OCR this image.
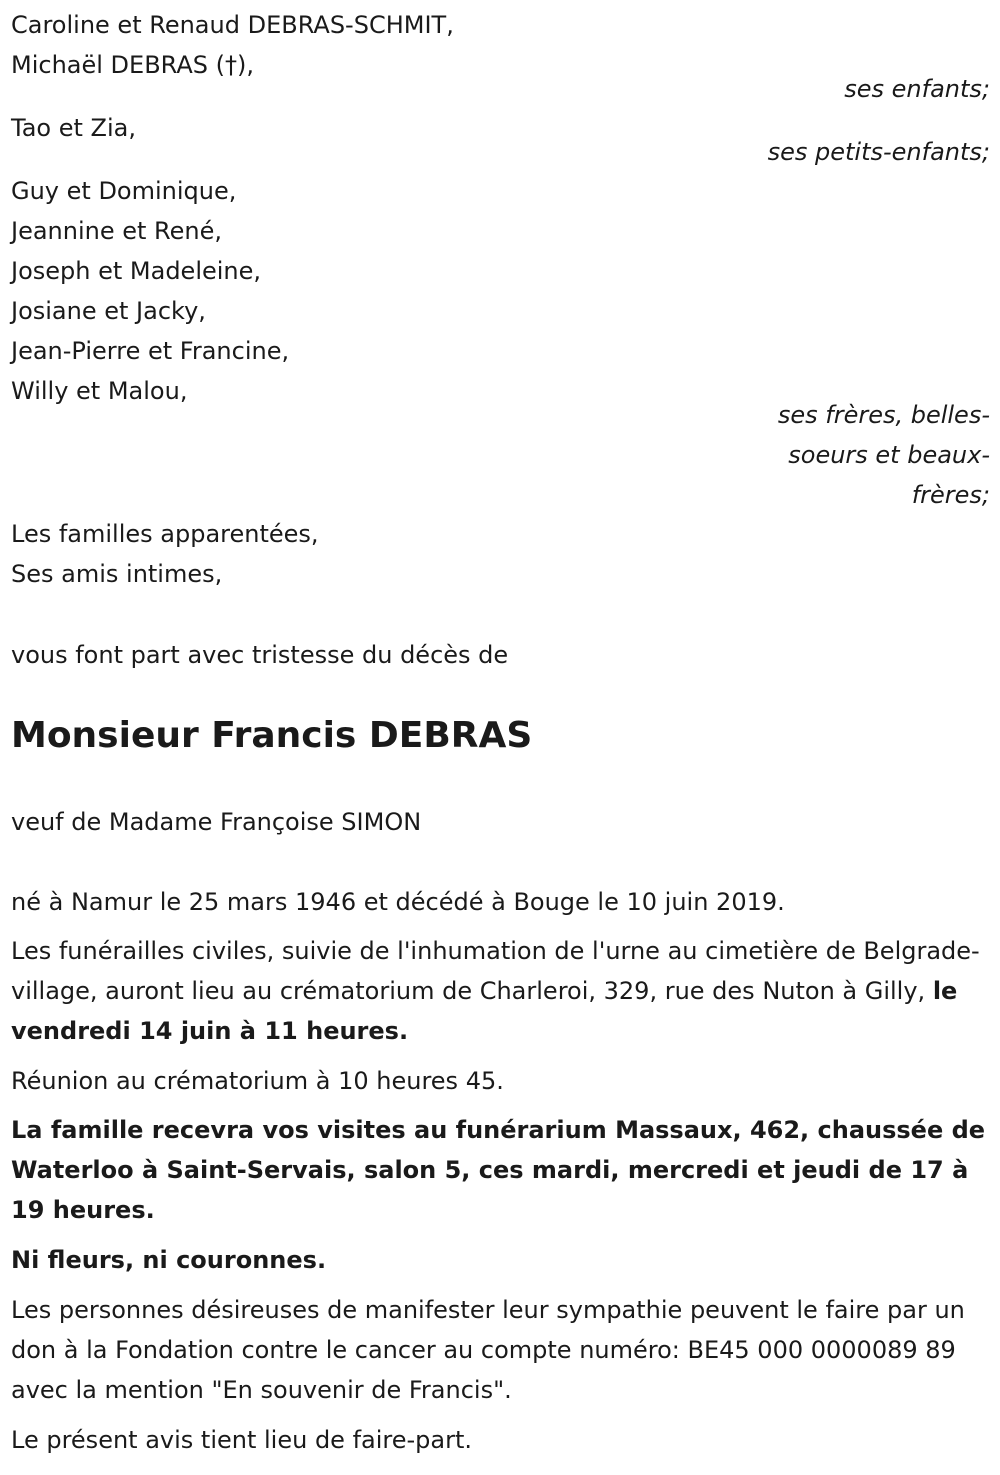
Caroline et Renaud DEBRAS-SCHMIT,
Michaël DEBRAS (†),
ses enfants;
Tao et Zia,
ses petits-enfants;
Guy et Dominique,
Jeannine et René,
Joseph et Madeleine,
Josiane et Jacky,
Jean-Pierre et Francine,
Willy et Malou,
ses frères, belles-
soeurs et beaux-
frères;
Les familles apparentées,
Ses amis intimes,
vous font part avec tristesse du décès de
Monsieur Francis DEBRAS
veuf de Madame Françoise SIMON
né à Namur le 25 mars 1946 et décédé à Bouge le 10 juin 2019.
Les funérailles civiles, suivie de l'inhumation de l'urne au cimetière de Belgrade-village, auront lieu au crématorium de Charleroi, 329, rue des Nuton à Gilly, le vendredi 14 juin à 11 heures.
Réunion au crématorium à 10 heures 45.
La famille recevra vos visites au funérarium Massaux, 462, chaussée de Waterloo à Saint-Servais, salon 5, ces mardi, mercredi et jeudi de 17 à 19 heures.
Ni fleurs, ni couronnes.
Les personnes désireuses de manifester leur sympathie peuvent le faire par un don à la Fondation contre le cancer au compte numéro: BE45 000 0000089 89 avec la mention "En souvenir de Francis".
Le présent avis tient lieu de faire-part.
